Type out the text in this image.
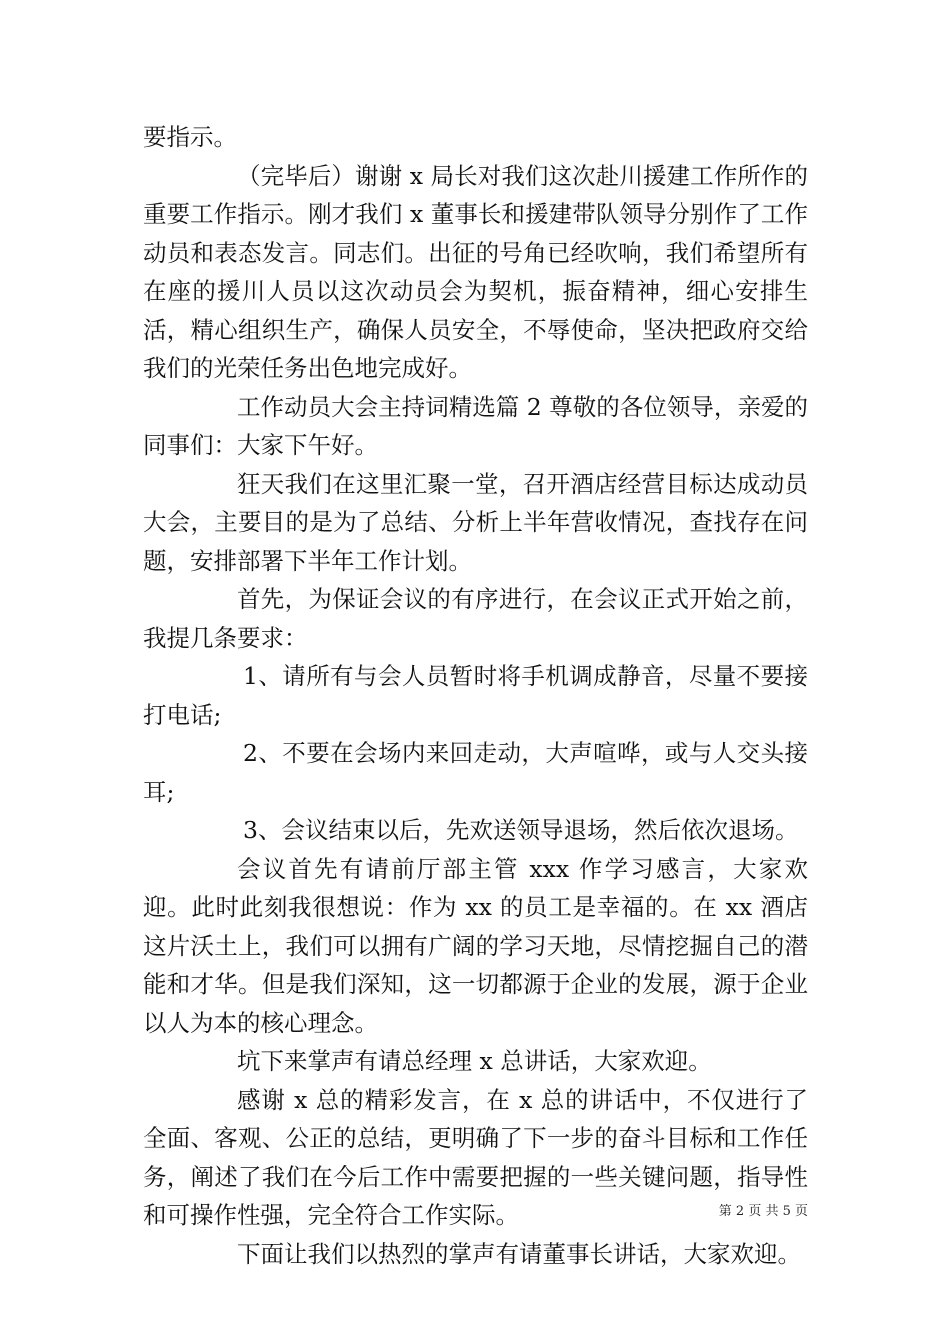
要指示。

（完毕后）谢谢 x 局长对我们这次赴川援建工作所作的重要工作指示。刚才我们 x 董事长和援建带队领导分别作了工作动员和表态发言。同志们。出征的号角已经吹响，我们希望所有在座的援川人员以这次动员会为契机，振奋精神，细心安排生活，精心组织生产，确保人员安全，不辱使命，坚决把政府交给我们的光荣任务出色地完成好。

工作动员大会主持词精选篇 2 尊敬的各位领导，亲爱的同事们：大家下午好。

狂天我们在这里汇聚一堂，召开酒店经营目标达成动员大会，主要目的是为了总结、分析上半年营收情况，查找存在问题，安排部署下半年工作计划。

首先，为保证会议的有序进行，在会议正式开始之前，我提几条要求：

1、请所有与会人员暂时将手机调成静音，尽量不要接打电话;

2、不要在会场内来回走动，大声喧哗，或与人交头接耳;

3、会议结束以后，先欢送领导退场，然后依次退场。

会议首先有请前厅部主管 xxx 作学习感言，大家欢迎。此时此刻我很想说：作为 xx 的员工是幸福的。在 xx 酒店这片沃土上，我们可以拥有广阔的学习天地，尽情挖掘自己的潜能和才华。但是我们深知，这一切都源于企业的发展，源于企业以人为本的核心理念。

坑下来掌声有请总经理 x 总讲话，大家欢迎。

感谢 x 总的精彩发言，在 x 总的讲话中，不仅进行了全面、客观、公正的总结，更明确了下一步的奋斗目标和工作任务，阐述了我们在今后工作中需要把握的一些关键问题，指导性和可操作性强，完全符合工作实际。

下面让我们以热烈的掌声有请董事长讲话，大家欢迎。

第 2 页 共 5 页
